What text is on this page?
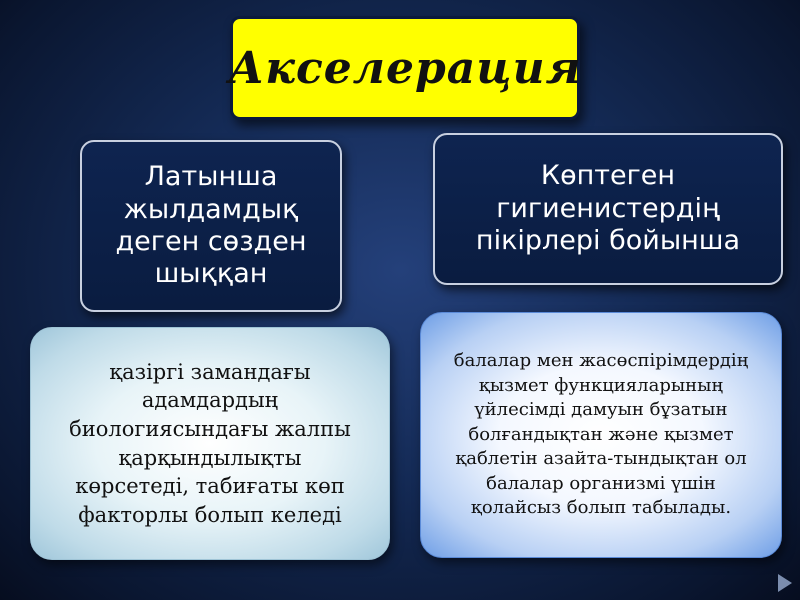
Акселерация
Латынша
жылдамдық
деген сөзден
шыққан
Көптеген
гигиенистердің
пікірлері бойынша
қазіргі замандағы
адамдардың
биологиясындағы жалпы
қарқындылықты
көрсетеді, табиғаты көп
факторлы болып келеді
балалар мен жасөспірімдердің
қызмет функцияларының
үйлесімді дамуын бұзатын
болғандықтан және қызмет
қаблетін азайта-тындықтан ол
балалар организмі үшін
қолайсыз болып табылады.
